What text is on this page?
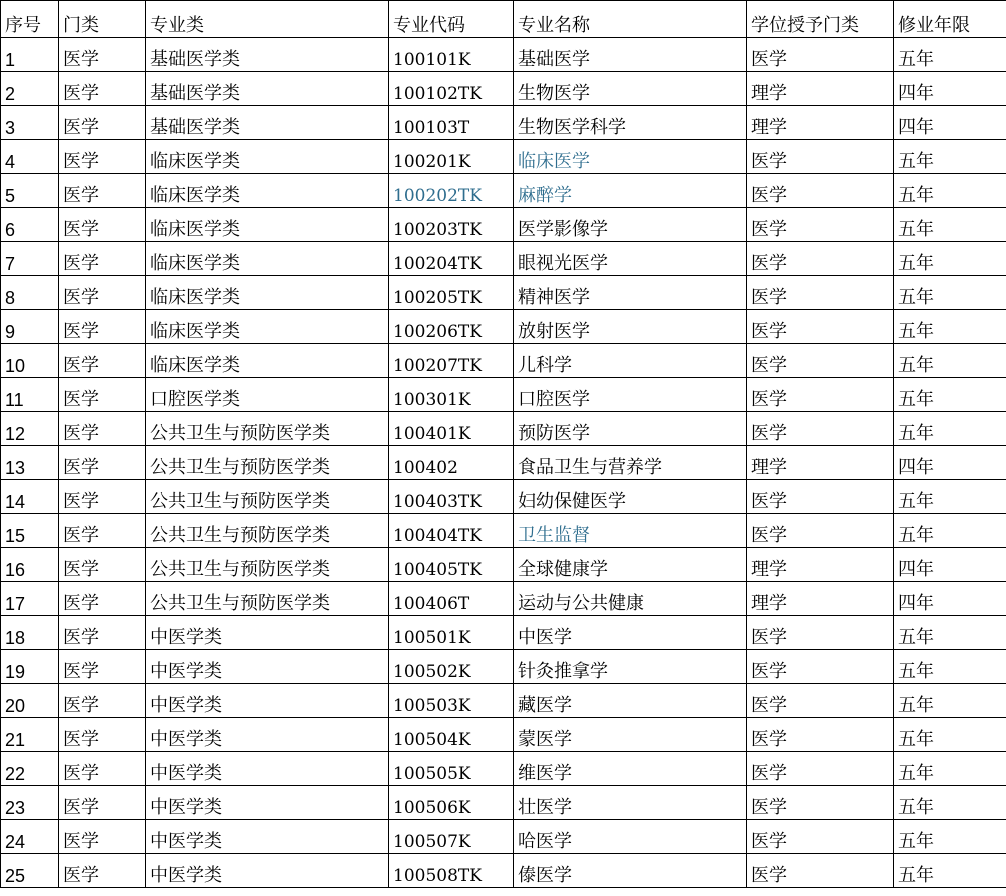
序号	门类	专业类	专业代码	专业名称	学位授予门类	修业年限
1	医学	基础医学类	100101K	基础医学	医学	五年
2	医学	基础医学类	100102TK	生物医学	理学	四年
3	医学	基础医学类	100103T	生物医学科学	理学	四年
4	医学	临床医学类	100201K	临床医学	医学	五年
5	医学	临床医学类	100202TK	麻醉学	医学	五年
6	医学	临床医学类	100203TK	医学影像学	医学	五年
7	医学	临床医学类	100204TK	眼视光医学	医学	五年
8	医学	临床医学类	100205TK	精神医学	医学	五年
9	医学	临床医学类	100206TK	放射医学	医学	五年
10	医学	临床医学类	100207TK	儿科学	医学	五年
11	医学	口腔医学类	100301K	口腔医学	医学	五年
12	医学	公共卫生与预防医学类	100401K	预防医学	医学	五年
13	医学	公共卫生与预防医学类	100402	食品卫生与营养学	理学	四年
14	医学	公共卫生与预防医学类	100403TK	妇幼保健医学	医学	五年
15	医学	公共卫生与预防医学类	100404TK	卫生监督	医学	五年
16	医学	公共卫生与预防医学类	100405TK	全球健康学	理学	四年
17	医学	公共卫生与预防医学类	100406T	运动与公共健康	理学	四年
18	医学	中医学类	100501K	中医学	医学	五年
19	医学	中医学类	100502K	针灸推拿学	医学	五年
20	医学	中医学类	100503K	藏医学	医学	五年
21	医学	中医学类	100504K	蒙医学	医学	五年
22	医学	中医学类	100505K	维医学	医学	五年
23	医学	中医学类	100506K	壮医学	医学	五年
24	医学	中医学类	100507K	哈医学	医学	五年
25	医学	中医学类	100508TK	傣医学	医学	五年
